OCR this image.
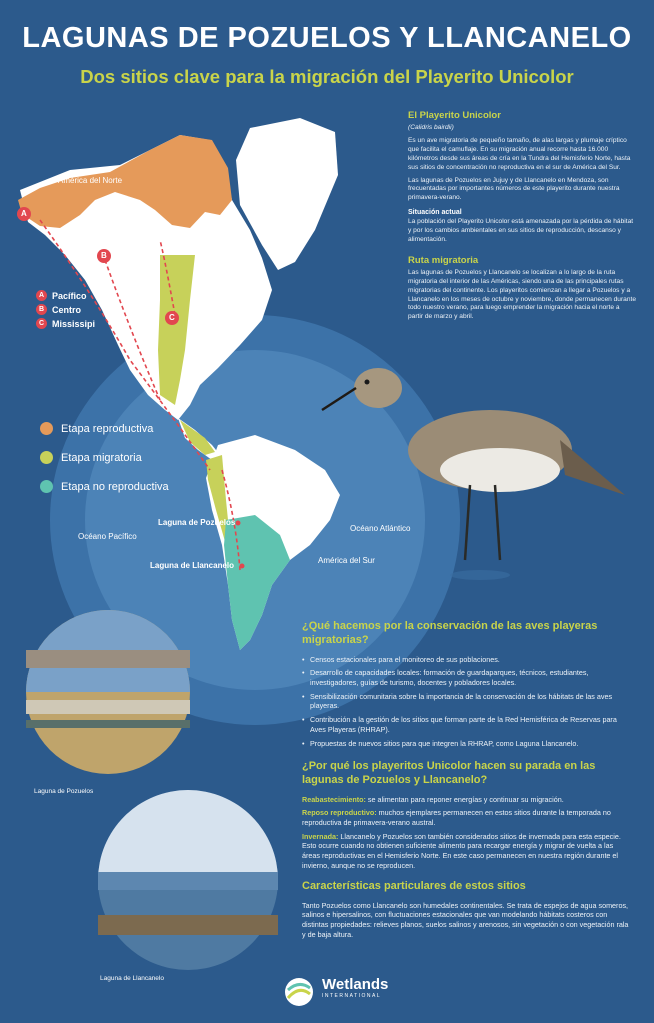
LAGUNAS DE POZUELOS Y LLANCANELO
Dos sitios clave para la migración del Playerito Unicolor
América del Norte
Océano Pacífico
Océano Atlántico
América del Sur
Laguna de Pozuelos
Laguna de Llancanelo
A
B
C
A Pacífico
B Centro
C Mississipi
Etapa reproductiva
Etapa migratoria
Etapa no reproductiva
El Playerito Unicolor
(Calidris bairdii)
Es un ave migratoria de pequeño tamaño, de alas largas y plumaje críptico que facilita el camuflaje. En su migración anual recorre hasta 16.000 kilómetros desde sus áreas de cría en la Tundra del Hemisferio Norte, hasta sus sitios de concentración no reproductiva en el sur de América del Sur.
Las lagunas de Pozuelos en Jujuy y de Llancanelo en Mendoza, son frecuentadas por importantes números de este playerito durante nuestra primavera-verano.
Situación actual
La población del Playerito Unicolor está amenazada por la pérdida de hábitat y por los cambios ambientales en sus sitios de reproducción, descanso y alimentación.
Ruta migratoria
Las lagunas de Pozuelos y Llancanelo se localizan a lo largo de la ruta migratoria del interior de las Américas, siendo una de las principales rutas migratorias del continente. Los playeritos comienzan a llegar a Pozuelos y a Llancanelo en los meses de octubre y noviembre, donde permanecen durante todo nuestro verano, para luego emprender la migración hacia el norte a partir de marzo y abril.
¿Qué hacemos por la conservación de las aves playeras migratorias?
• Censos estacionales para el monitoreo de sus poblaciones.
• Desarrollo de capacidades locales: formación de guardaparques, técnicos, estudiantes, investigadores, guías de turismo, docentes y pobladores locales.
• Sensibilización comunitaria sobre la importancia de la conservación de los hábitats de las aves playeras.
• Contribución a la gestión de los sitios que forman parte de la Red Hemisférica de Reservas para Aves Playeras (RHRAP).
• Propuestas de nuevos sitios para que integren la RHRAP, como Laguna Llancanelo.
¿Por qué los playeritos Unicolor hacen su parada en las lagunas de Pozuelos y Llancanelo?
Reabastecimiento: se alimentan para reponer energías y continuar su migración.
Reposo reproductivo: muchos ejemplares permanecen en estos sitios durante la temporada no reproductiva de primavera-verano austral.
Invernada: Llancanelo y Pozuelos son también considerados sitios de invernada para esta especie. Esto ocurre cuando no obtienen suficiente alimento para recargar energía y migrar de vuelta a las áreas reproductivas en el Hemisferio Norte. En este caso permanecen en nuestra región durante el invierno, aunque no se reproducen.
Características particulares de estos sitios
Tanto Pozuelos como Llancanelo son humedales continentales. Se trata de espejos de agua someros, salinos e hipersalinos, con fluctuaciones estacionales que van modelando hábitats costeros con distintas propiedades: relieves planos, suelos salinos y arenosos, sin vegetación o con vegetación rala y de baja altura.
Laguna de Pozuelos
Laguna de Llancanelo	Wetlands
INTERNATIONAL
